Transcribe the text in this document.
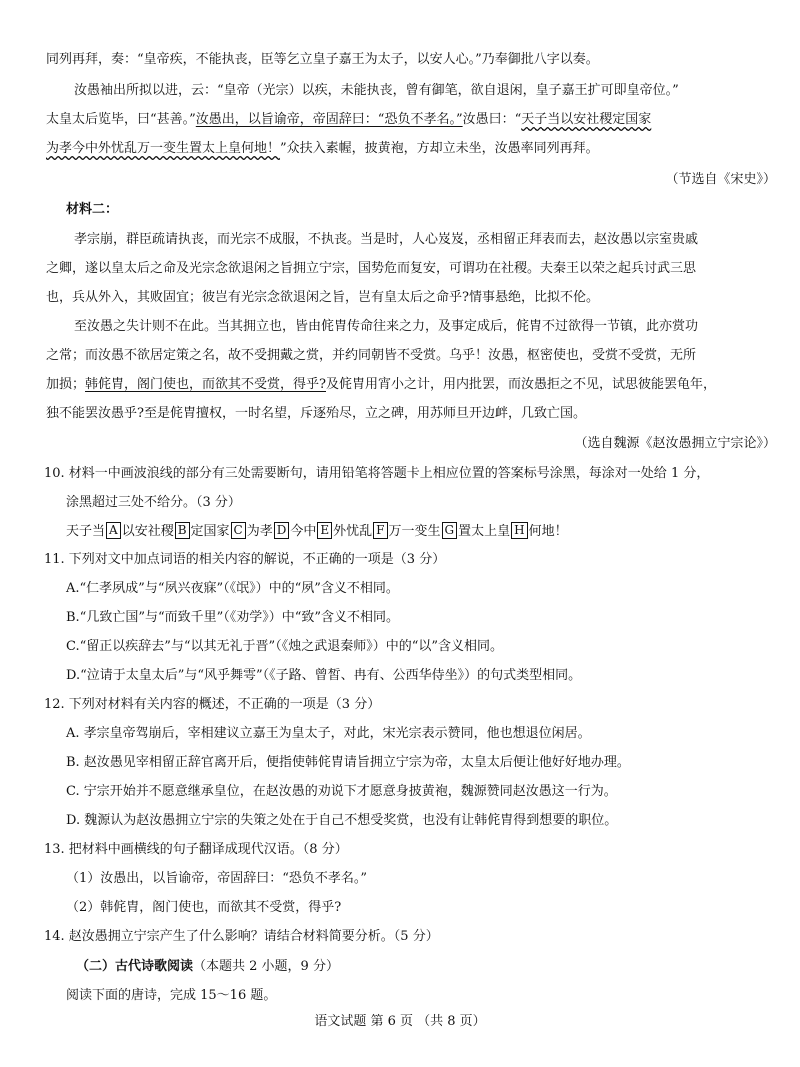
同列再拜，奏：“皇帝疾，不能执丧，臣等乞立皇子嘉王为太子，以安人心。”乃奉御批八字以奏。
汝愚袖出所拟以进，云：“皇帝（光宗）以疾，未能执丧，曾有御笔，欲自退闲，皇子嘉王扩可即皇帝位。”
太皇太后览毕，曰“甚善。”汝愚出，以旨谕帝，帝固辞曰：“恐负不孝名。”汝愚曰：“天子当以安社稷定国家
为孝今中外忧乱万一变生置太上皇何地！”众扶入素幄，披黄袍，方却立未坐，汝愚率同列再拜。
（节选自《宋史》）
材料二：
孝宗崩，群臣疏请执丧，而光宗不成服，不执丧。当是时，人心岌岌，丞相留正拜表而去，赵汝愚以宗室贵戚
之卿，遂以皇太后之命及光宗念欲退闲之旨拥立宁宗，国势危而复安，可谓功在社稷。夫秦王以荣之起兵讨武三思
也，兵从外入，其败固宜；彼岂有光宗念欲退闲之旨，岂有皇太后之命乎?情事悬绝，比拟不伦。
至汝愚之失计则不在此。当其拥立也，皆由侂胄传命往来之力，及事定成后，侂胄不过欲得一节镇，此亦赏功
之常；而汝愚不欲居定策之名，故不受拥戴之赏，并约同朝皆不受赏。乌乎！汝愚，枢密使也，受赏不受赏，无所
加损；韩侂胄，阁门使也，而欲其不受赏，得乎?及侂胄用宵小之计，用内批罢，而汝愚拒之不见，试思彼能罢龟年，
独不能罢汝愚乎?至是侂胄擅权，一时名望，斥逐殆尽，立之碑，用苏师旦开边衅，几致亡国。
（选自魏源《赵汝愚拥立宁宗论》）
10. 材料一中画波浪线的部分有三处需要断句，请用铅笔将答题卡上相应位置的答案标号涂黑，每涂对一处给 1 分，
涂黑超过三处不给分。（3 分）
天子当 A 以安社稷 B 定国家 C 为孝 D 今中 E 外忧乱 F 万一变生 G 置太上皇 H 何地！
11. 下列对文中加点词语的相关内容的解说，不正确的一项是（3 分）
A.“仁孝夙成”与“夙兴夜寐”（《氓》）中的“夙”含义不相同。
B.“几致亡国”与“而致千里”（《劝学》）中“致”含义不相同。
C.“留正以疾辞去”与“以其无礼于晋”（《烛之武退秦师》）中的“以”含义相同。
D.“泣请于太皇太后”与“风乎舞雩”（《子路、曾皙、冉有、公西华侍坐》）的句式类型相同。
12. 下列对材料有关内容的概述，不正确的一项是（3 分）
A. 孝宗皇帝驾崩后，宰相建议立嘉王为皇太子，对此，宋光宗表示赞同，他也想退位闲居。
B. 赵汝愚见宰相留正辞官离开后，便指使韩侂胄请旨拥立宁宗为帝，太皇太后便让他好好地办理。
C. 宁宗开始并不愿意继承皇位，在赵汝愚的劝说下才愿意身披黄袍，魏源赞同赵汝愚这一行为。
D. 魏源认为赵汝愚拥立宁宗的失策之处在于自己不想受奖赏，也没有让韩侂胄得到想要的职位。
13. 把材料中画横线的句子翻译成现代汉语。（8 分）
（1）汝愚出，以旨谕帝，帝固辞曰：“恐负不孝名。”
（2）韩侂胄，阁门使也，而欲其不受赏，得乎?
14. 赵汝愚拥立宁宗产生了什么影响？请结合材料简要分析。（5 分）
（二）古代诗歌阅读（本题共 2 小题，9 分）
阅读下面的唐诗，完成 15～16 题。
语文试题 第 6 页 （共 8 页）
